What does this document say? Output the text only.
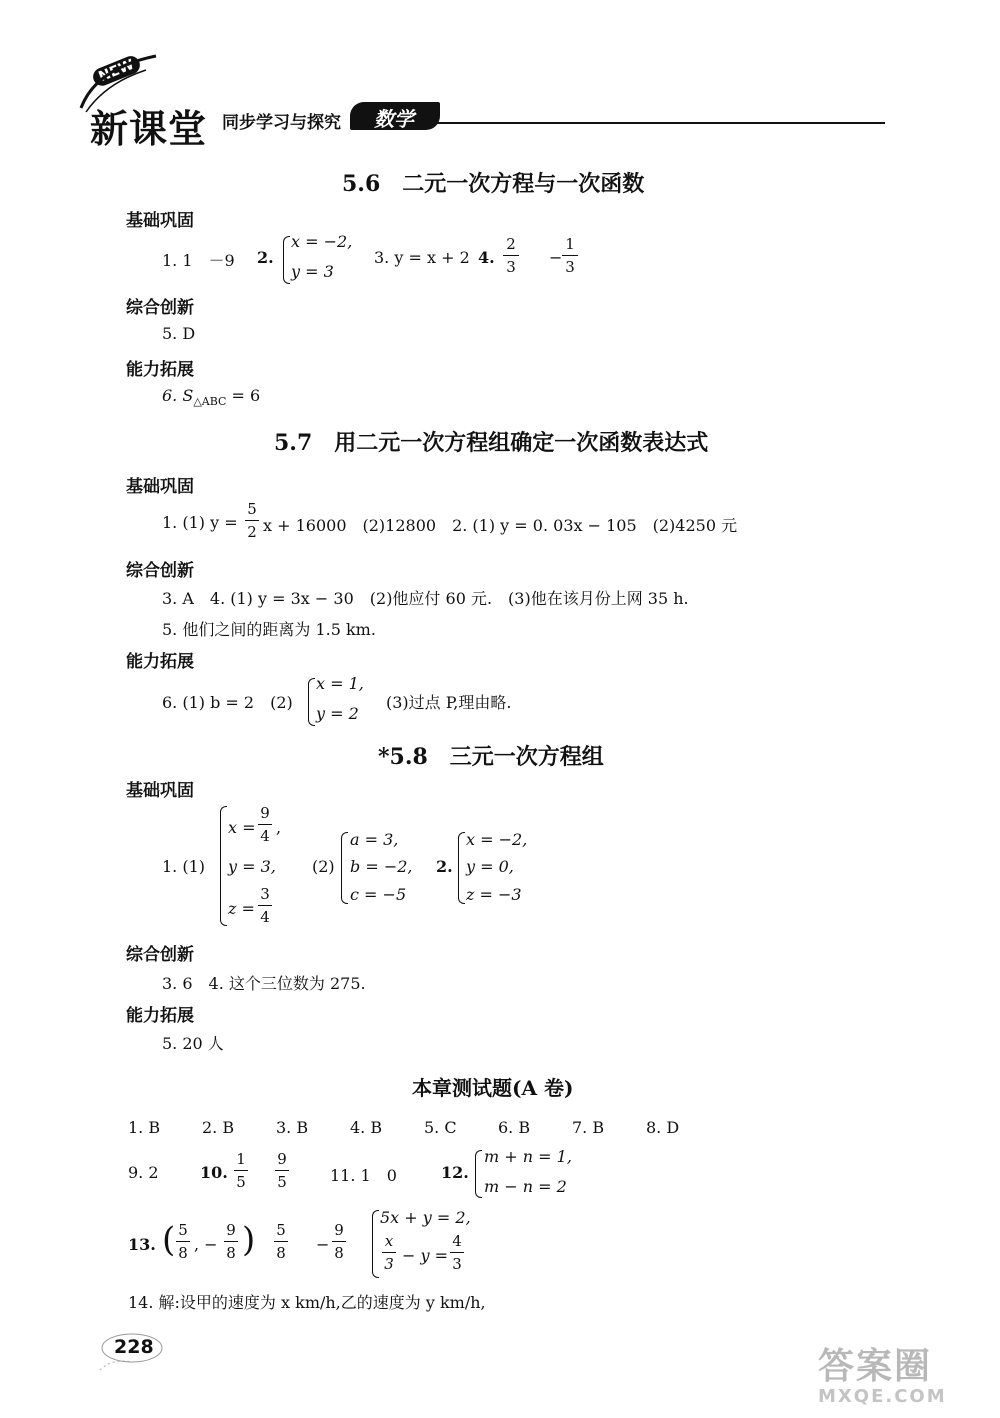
NEW
新课堂 同步学习与探究 数学
5.6　二元一次方程与一次函数
基础巩固
1. 1　－9 2.
x = −2,
y = 3
3. y = x + 2 4.
2
3 −
1
3
综合创新
5. D
能力拓展
6. $S_{\triangle ABC} = 6$
5.7　用二元一次方程组确定一次函数表达式
基础巩固
1. (1) y =
5
2 x + 16000　(2)12800　2. (1) y = 0. 03x − 105　(2)4250 元
综合创新
3. A　4. (1) y = 3x − 30　(2)他应付 60 元.　(3)他在该月份上网 35 h.
5. 他们之间的距离为 1.5 km.
能力拓展
6. (1) b = 2　(2)
x = 1,
y = 2
(3)过点 P,理由略.
*5.8　三元一次方程组
基础巩固
1. (1)
x =
9
4 ,
y = 3,
z =
3
4
(2)
a = 3,
b = −2,
c = −5
2.
x = −2,
y = 0,
z = −3
综合创新
3. 6　4. 这个三位数为 275.
能力拓展
5. 20 人
本章测试题(A 卷)
1. B	2. B	3. B	4. B	5. C	6. B	7. B	8. D
9. 2	10.
1
5
9
5	11. 1　0	12.
m + n = 1,
m − n = 2
13. ( 5
8 , −
9
8 ) 5
8 −
9
8
5x + y = 2,
x
3 − y =
4
3
14. 解:设甲的速度为 x km/h,乙的速度为 y km/h,
228	答案圈
MXQE.COM
